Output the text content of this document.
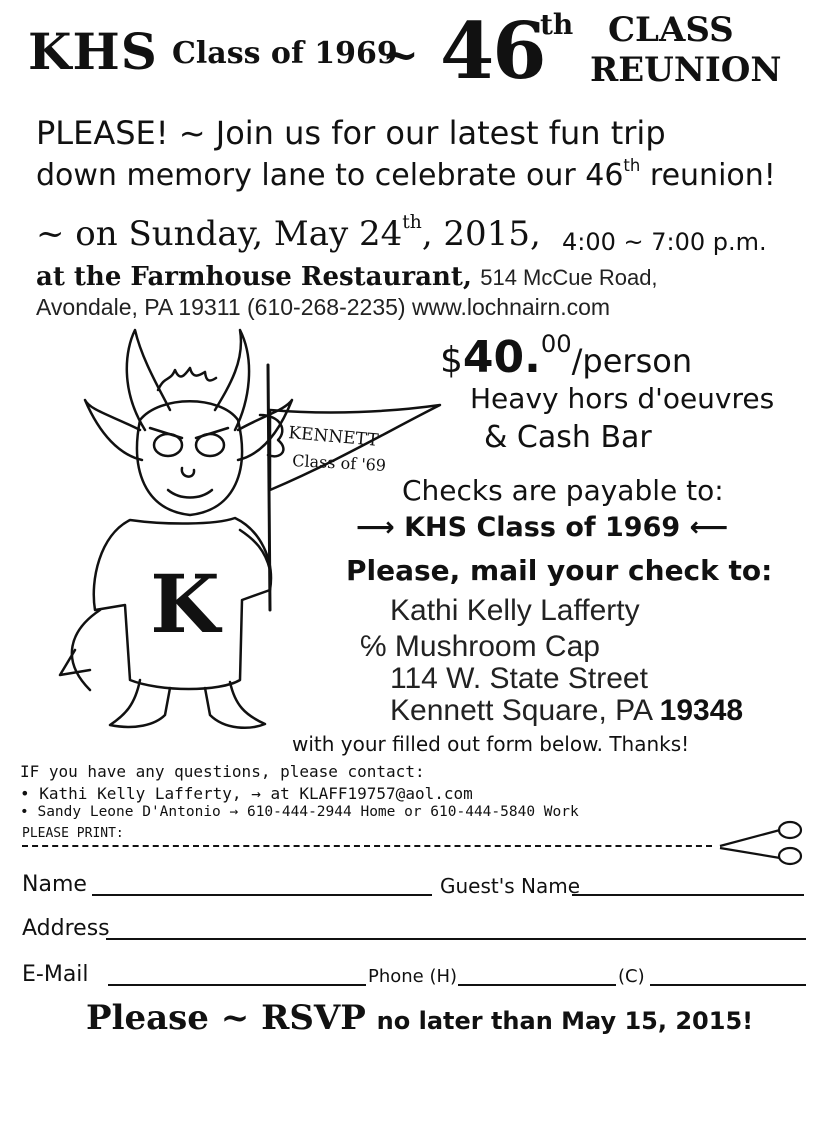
KHS Class of 1969
~ 46
th CLASS
REUNION
PLEASE! ~ Join us for our latest fun trip
down memory lane to celebrate our 46th reunion!
~ on Sunday, May 24th, 2015, 4:00 ~ 7:00 p.m.
at the Farmhouse Restaurant, 514 McCue Road,
Avondale, PA 19311 (610-268-2235) www.lochnairn.com
$40.00/person
Heavy hors d'oeuvres
& Cash Bar
Checks are payable to:
⟶ KHS Class of 1969 ⟵
Please, mail your check to:
Kathi Kelly Lafferty
℅ Mushroom Cap
114 W. State Street
Kennett Square, PA 19348
with your filled out form below. Thanks!
K
KENNETT
Class of '69
IF you have any questions, please contact:
• Kathi Kelly Lafferty, → at KLAFF19757@aol.com
• Sandy Leone D'Antonio → 610-444-2944 Home or 610-444-5840 Work
PLEASE PRINT:
Name	Guest's Name
Address
E-Mail	Phone (H)	(C)
Please ~ RSVP no later than May 15, 2015!
